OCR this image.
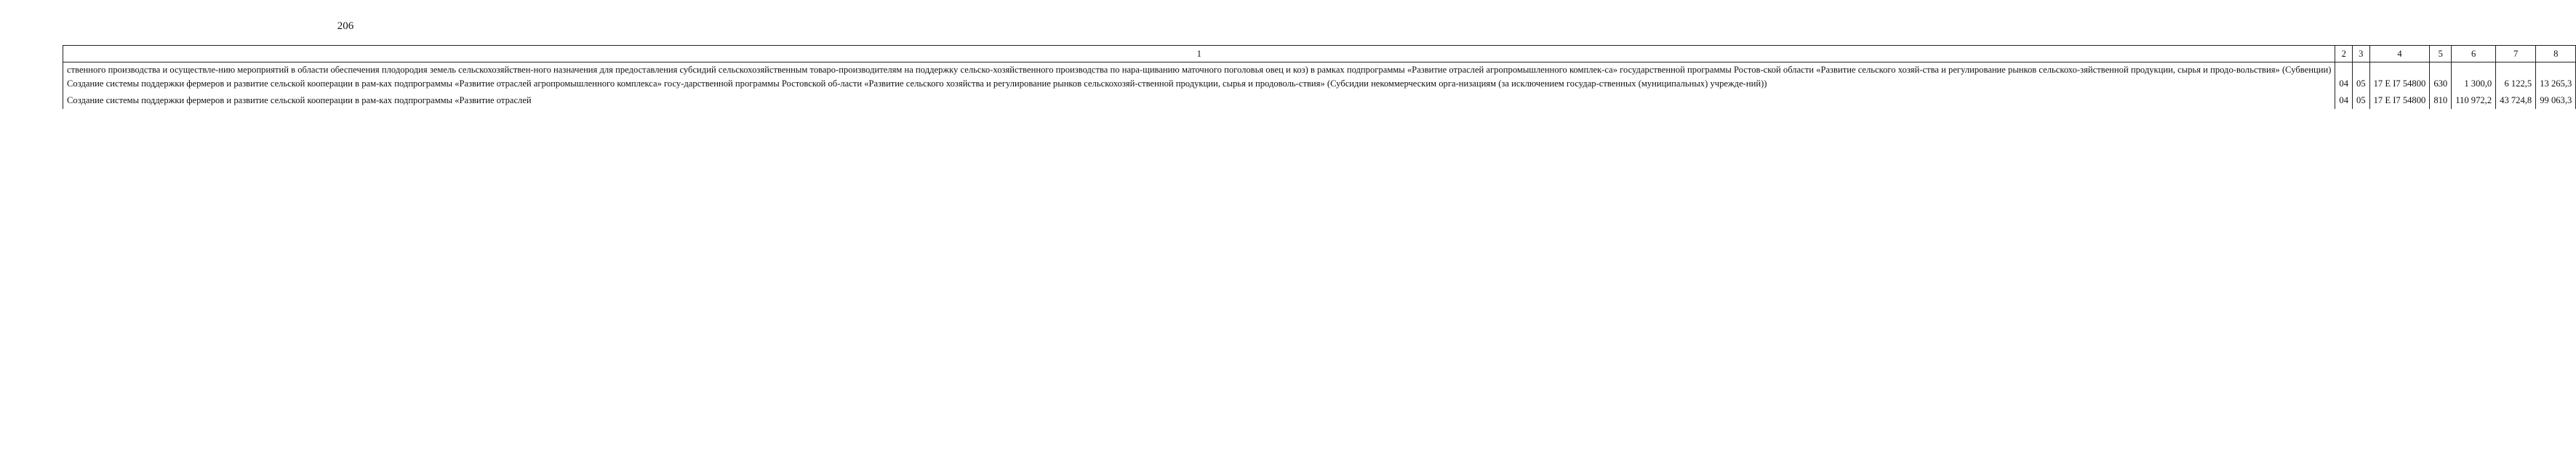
206
1	2	3	4	5	6	7	8
ственного производства и осуществле-нию мероприятий в области обеспечения плодородия земель сельскохозяйствен-ного назначения для предоставления субсидий сельскохозяйственным товаро-производителям на поддержку сельско-хозяйственного производства по нара-щиванию маточного поголовья овец и коз) в рамках подпрограммы «Развитие отраслей агропромышленного комплек-са» государственной программы Ростов-ской области «Развитие сельского хозяй-ства и регулирование рынков сельскохо-зяйственной продукции, сырья и продо-вольствия» (Субвенции)							
Создание системы поддержки фермеров и развитие сельской кооперации в рам-ках подпрограммы «Развитие отраслей агропромышленного комплекса» госу-дарственной программы Ростовской об-ласти «Развитие сельского хозяйства и регулирование рынков сельскохозяй-ственной продукции, сырья и продоволь-ствия» (Субсидии некоммерческим орга-низациям (за исключением государ-ственных (муниципальных) учрежде-ний))	04	05	17 Е I7 54800	630	1 300,0	6 122,5	13 265,3
Создание системы поддержки фермеров и развитие сельской кооперации в рам-ках подпрограммы «Развитие отраслей	04	05	17 Е I7 54800	810	110 972,2	43 724,8	99 063,3
